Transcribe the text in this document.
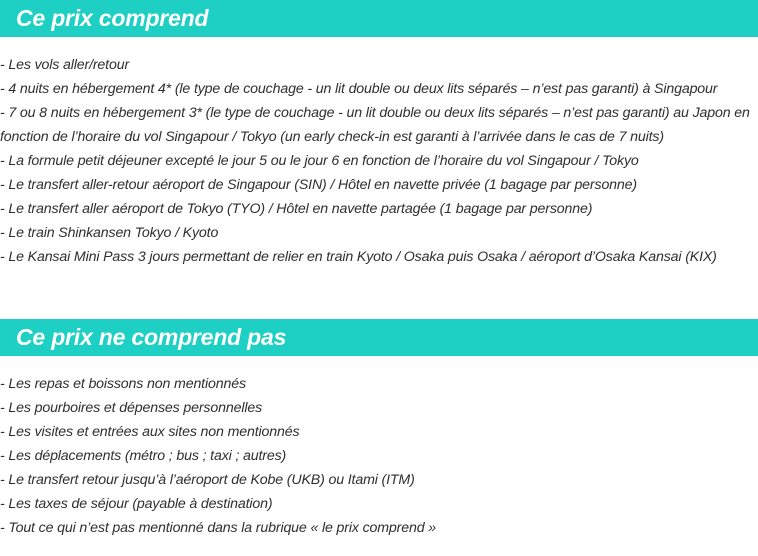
Ce prix comprend
- Les vols aller/retour
- 4 nuits en hébergement 4* (le type de couchage - un lit double ou deux lits séparés – n’est pas garanti) à Singapour
- 7 ou 8 nuits en hébergement 3* (le type de couchage - un lit double ou deux lits séparés – n’est pas garanti) au Japon en fonction de l’horaire du vol Singapour / Tokyo (un early check-in est garanti à l’arrivée dans le cas de 7 nuits)
- La formule petit déjeuner excepté le jour 5 ou le jour 6 en fonction de l’horaire du vol Singapour / Tokyo
- Le transfert aller-retour aéroport de Singapour (SIN) / Hôtel en navette privée (1 bagage par personne)
- Le transfert aller aéroport de Tokyo (TYO) / Hôtel en navette partagée (1 bagage par personne)
- Le train Shinkansen Tokyo / Kyoto
- Le Kansai Mini Pass 3 jours permettant de relier en train Kyoto / Osaka puis Osaka / aéroport d’Osaka Kansai (KIX)
Ce prix ne comprend pas
- Les repas et boissons non mentionnés
- Les pourboires et dépenses personnelles
- Les visites et entrées aux sites non mentionnés
- Les déplacements (métro ; bus ; taxi ; autres)
- Le transfert retour jusqu’à l’aéroport de Kobe (UKB) ou Itami (ITM)
- Les taxes de séjour (payable à destination)
- Tout ce qui n’est pas mentionné dans la rubrique « le prix comprend »
